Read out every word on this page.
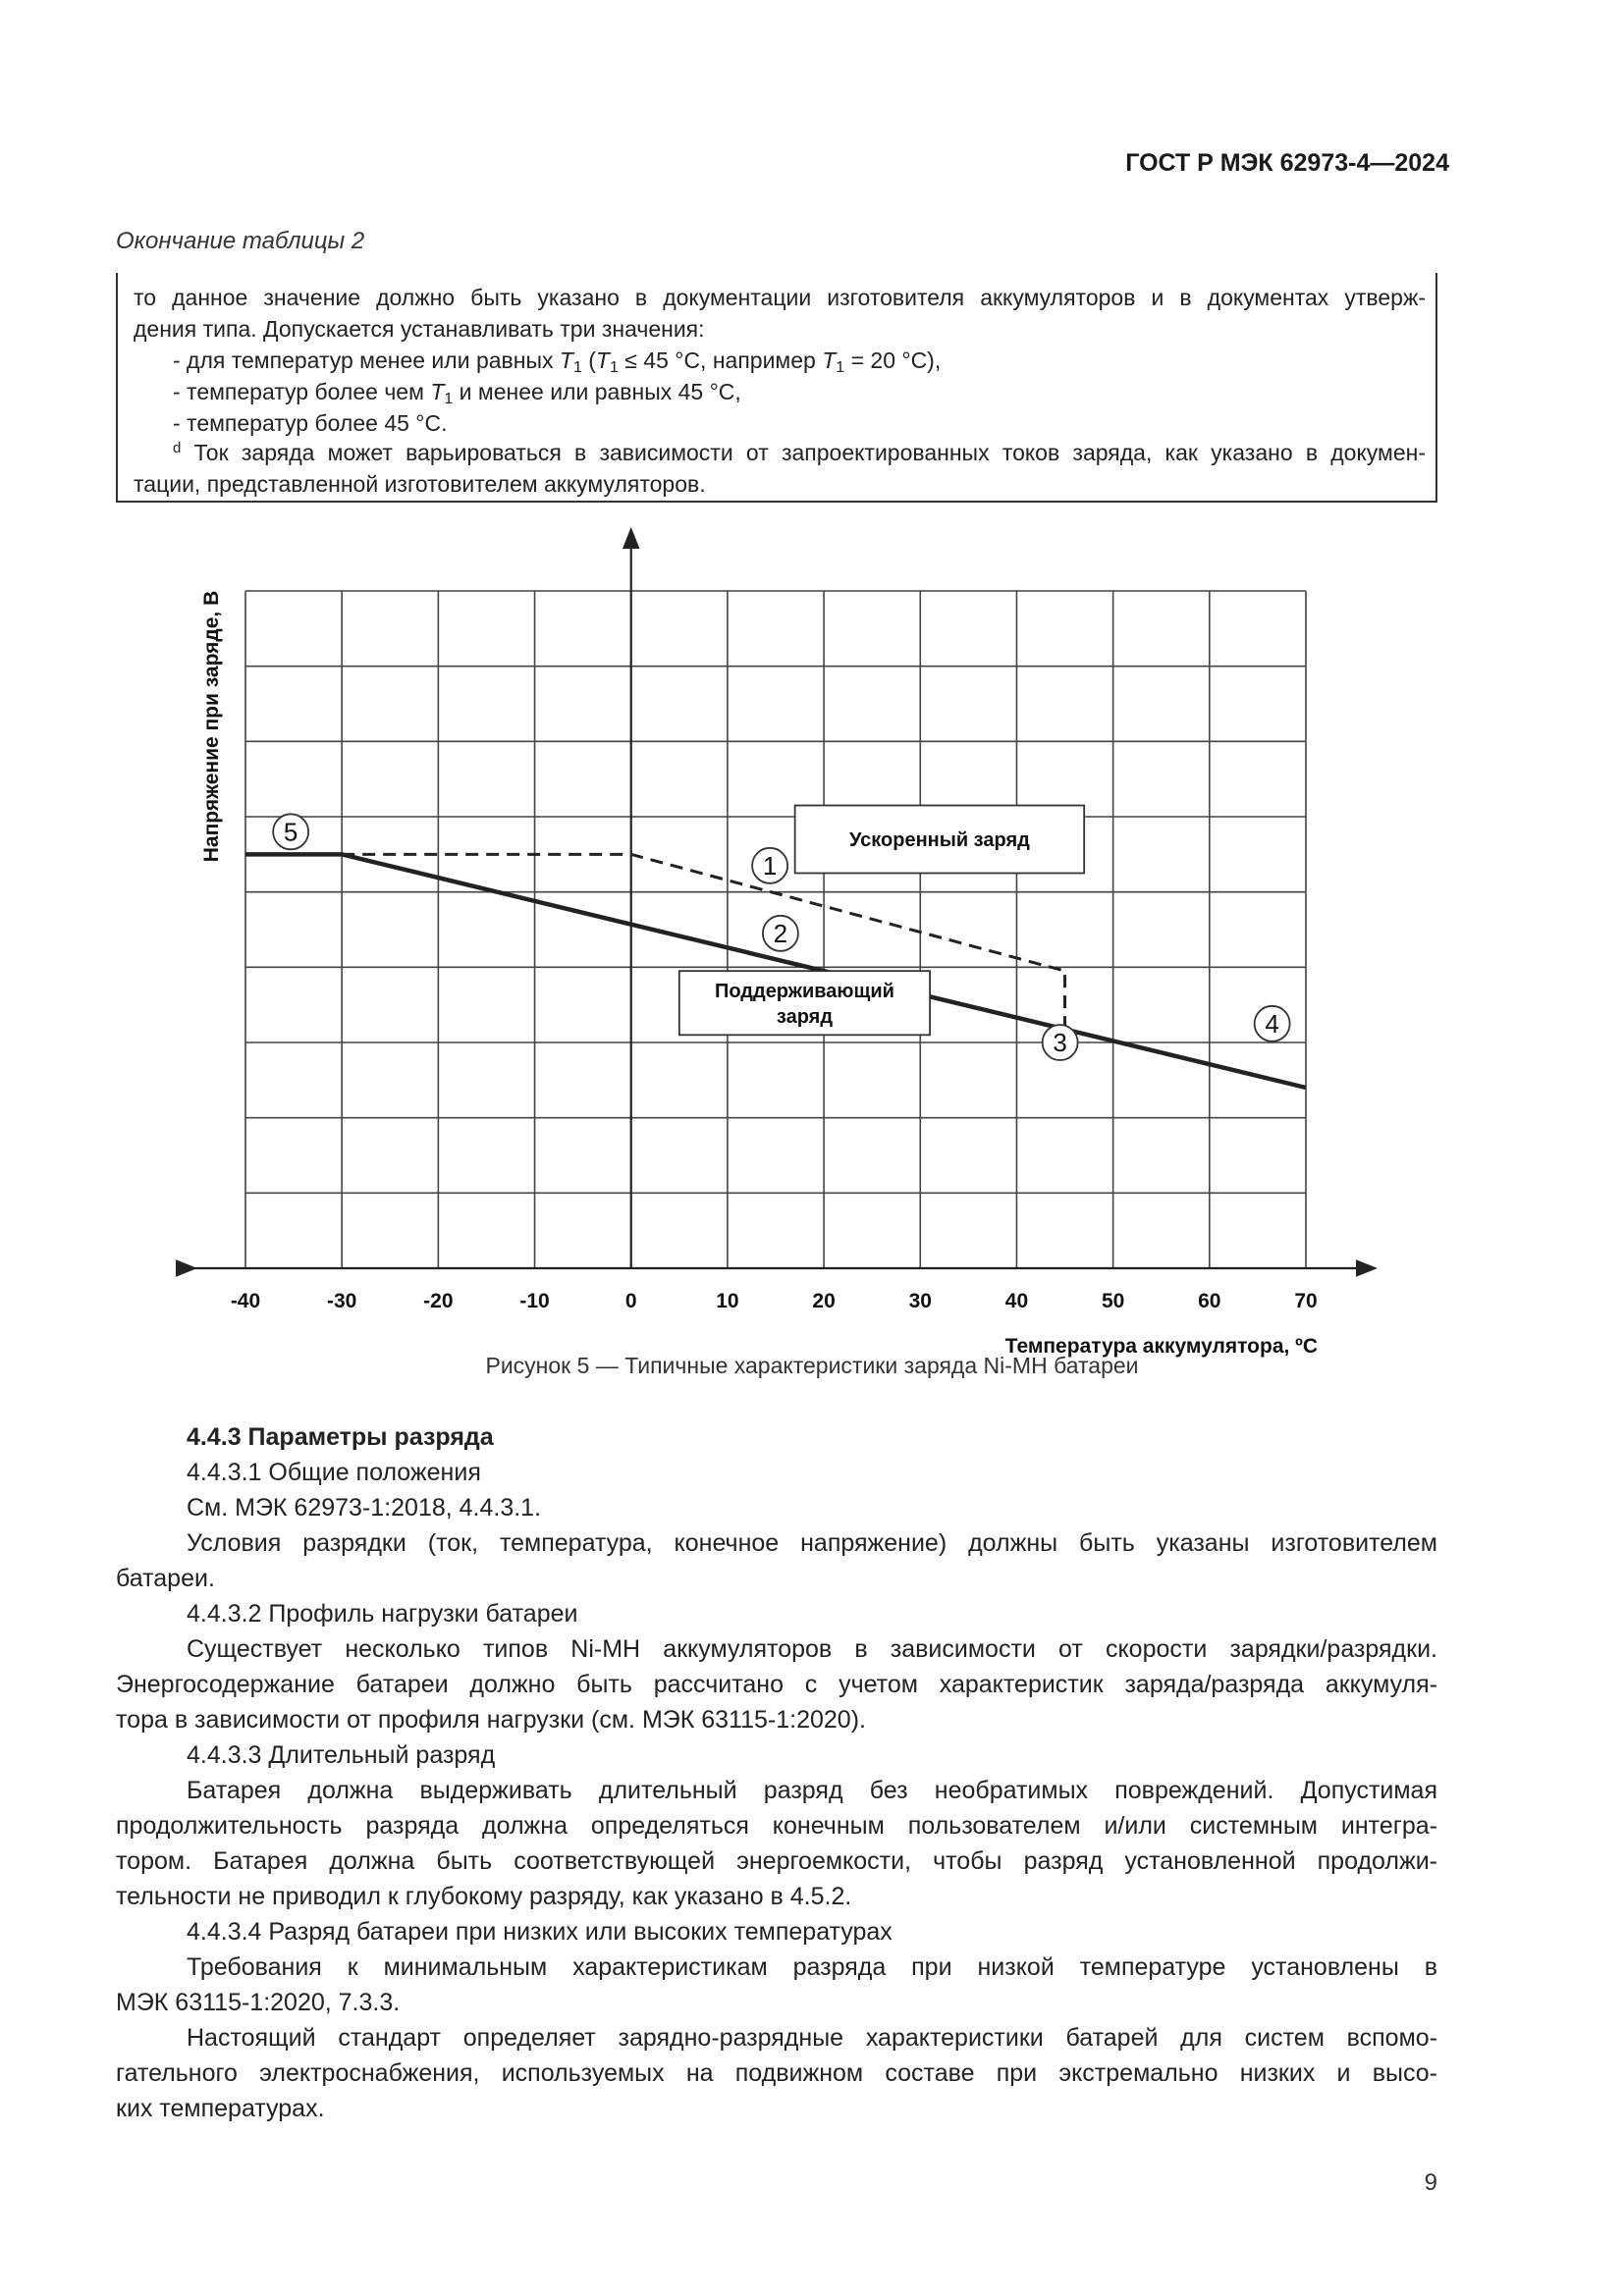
ГОСТ Р МЭК 62973-4—2024
Окончание таблицы 2
то данное значение должно быть указано в документации изготовителя аккумуляторов и в документах утверж-
дения типа. Допускается устанавливать три значения:
- для температур менее или равных $T_1$ ($T_1 \le 45$ °С, например $T_1 = 20$ °С),
- температур более чем $T_1$ и менее или равных 45 °С,
- температур более 45 °С.
$^d$ Ток заряда может варьироваться в зависимости от запроектированных токов заряда, как указано в докумен-
тации, представленной изготовителем аккумуляторов.
Ускоренный заряд
Поддерживающий
заряд
1
2
3
4
5
-40	-30	-20	-10	0	10	20	30	40	50	60	70
Температура аккумулятора, ºС
Напряжение при заряде, В
Рисунок 5 — Типичные характеристики заряда Ni-MH батареи
4.4.3 Параметры разряда
4.4.3.1 Общие положения
См. МЭК 62973-1:2018, 4.4.3.1.
Условия разрядки (ток, температура, конечное напряжение) должны быть указаны изготовителем
батареи.
4.4.3.2 Профиль нагрузки батареи
Существует несколько типов Ni-MH аккумуляторов в зависимости от скорости зарядки/разрядки.
Энергосодержание батареи должно быть рассчитано с учетом характеристик заряда/разряда аккумуля-
тора в зависимости от профиля нагрузки (см. МЭК 63115-1:2020).
4.4.3.3 Длительный разряд
Батарея должна выдерживать длительный разряд без необратимых повреждений. Допустимая
продолжительность разряда должна определяться конечным пользователем и/или системным интегра-
тором. Батарея должна быть соответствующей энергоемкости, чтобы разряд установленной продолжи-
тельности не приводил к глубокому разряду, как указано в 4.5.2.
4.4.3.4 Разряд батареи при низких или высоких температурах
Требования к минимальным характеристикам разряда при низкой температуре установлены в
МЭК 63115-1:2020, 7.3.3.
Настоящий стандарт определяет зарядно-разрядные характеристики батарей для систем вспомо-
гательного электроснабжения, используемых на подвижном составе при экстремально низких и высо-
ких температурах.
9
